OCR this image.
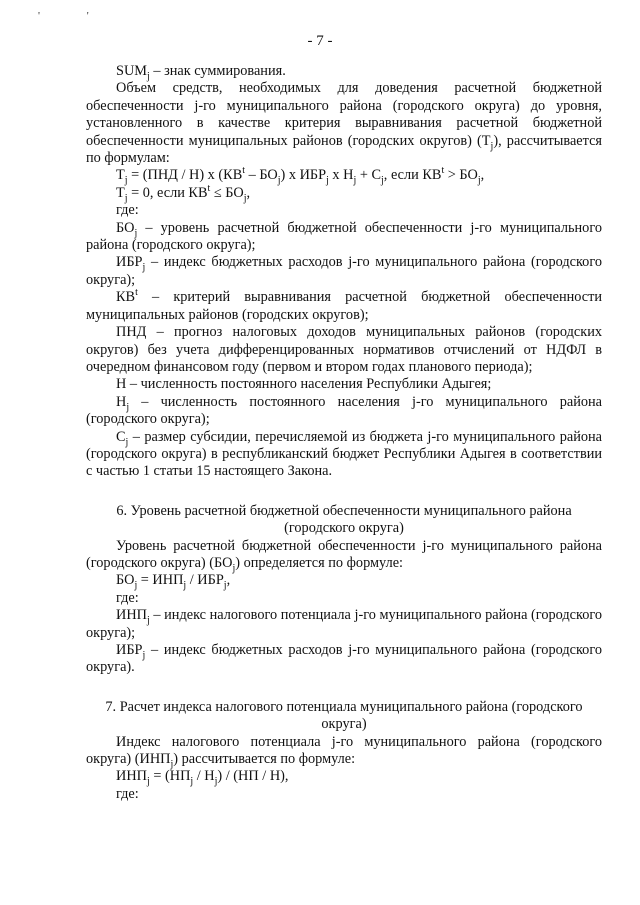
' '
- 7 -

$SUM_j$ – знак суммирования.

Объем средств, необходимых для доведения расчетной бюджетной обеспеченности j-го муниципального района (городского округа) до уровня, установленного в качестве критерия выравнивания расчетной бюджетной обеспеченности муниципальных районов (городских округов) $(T_j)$, рассчитывается по формулам:

$T_j = (ПНД / Н)$ х $(КВ^t - БО_j)$ х $ИБР_j$ х $Н_j + С_j$, если $КВ^t > БО_j$,

$T_j = 0$, если $КВ^t \le БО_j$,

где:

$БО_j$ – уровень расчетной бюджетной обеспеченности j-го муниципального района (городского округа);

$ИБР_j$ – индекс бюджетных расходов j-го муниципального района (городского округа);

$КВ^t$ – критерий выравнивания расчетной бюджетной обеспеченности муниципальных районов (городских округов);

ПНД – прогноз налоговых доходов муниципальных районов (городских округов) без учета дифференцированных нормативов отчислений от НДФЛ в очередном финансовом году (первом и втором годах планового периода);

Н – численность постоянного населения Республики Адыгея;

$Н_j$ – численность постоянного населения j-го муниципального района (городского округа);

$С_j$ – размер субсидии, перечисляемой из бюджета j-го муниципального района (городского округа) в республиканский бюджет Республики Адыгея в соответствии с частью 1 статьи 15 настоящего Закона.

6. Уровень расчетной бюджетной обеспеченности муниципального района (городского округа)

Уровень расчетной бюджетной обеспеченности j-го муниципального района (городского округа) $(БО_j)$ определяется по формуле:

$БО_j = ИНП_j / ИБР_j$,

где:

$ИНП_j$ – индекс налогового потенциала j-го муниципального района (городского округа);

$ИБР_j$ – индекс бюджетных расходов j-го муниципального района (городского округа).

7. Расчет индекса налогового потенциала муниципального района (городского округа)

Индекс налогового потенциала j-го муниципального района (городского округа) $(ИНП_j)$ рассчитывается по формуле:

$ИНП_j = (НП_j / Н_j) / (НП / Н)$,

где:
